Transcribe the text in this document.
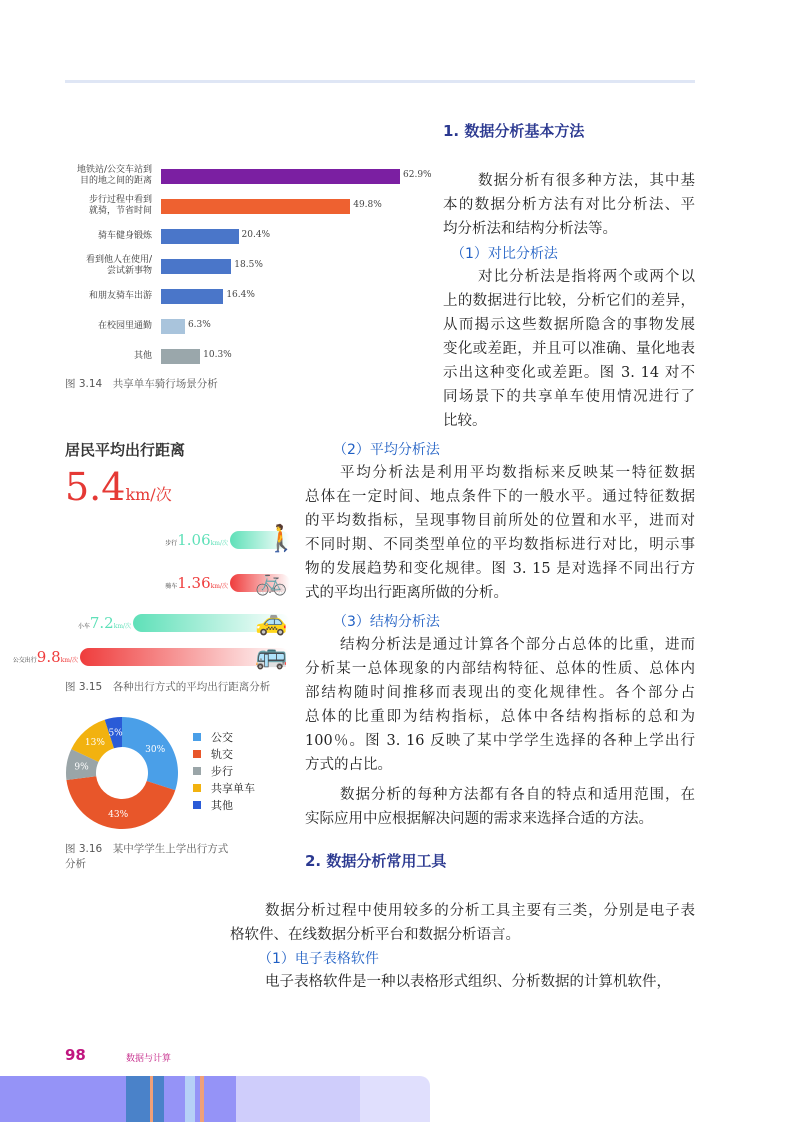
1. 数据分析基本方法
数据分析有很多种方法，其中基
本的数据分析方法有对比分析法、平
均分析法和结构分析法等。
（1）对比分析法
对比分析法是指将两个或两个以
上的数据进行比较，分析它们的差异，
从而揭示这些数据所隐含的事物发展
变化或差距，并且可以准确、量化地表
示出这种变化或差距。图 3. 14 对不
同场景下的共享单车使用情况进行了
比较。
（2）平均分析法
平均分析法是利用平均数指标来反映某一特征数据
总体在一定时间、地点条件下的一般水平。通过特征数据
的平均数指标，呈现事物目前所处的位置和水平，进而对
不同时期、不同类型单位的平均数指标进行对比，明示事
物的发展趋势和变化规律。图 3. 15 是对选择不同出行方
式的平均出行距离所做的分析。
（3）结构分析法
结构分析法是通过计算各个部分占总体的比重，进而
分析某一总体现象的内部结构特征、总体的性质、总体内
部结构随时间推移而表现出的变化规律性。各个部分占
总体的比重即为结构指标，总体中各结构指标的总和为
100％。图 3. 16 反映了某中学学生选择的各种上学出行
方式的占比。
数据分析的每种方法都有各自的特点和适用范围，在
实际应用中应根据解决问题的需求来选择合适的方法。
2. 数据分析常用工具
数据分析过程中使用较多的分析工具主要有三类，分别是电子表
格软件、在线数据分析平台和数据分析语言。
（1）电子表格软件
电子表格软件是一种以表格形式组织、分析数据的计算机软件，
地铁站/公交车站到
目的地之间的距离
62.9%
步行过程中看到
就骑，节省时间
49.8%
骑车健身锻炼	20.4%
看到他人在使用/
尝试新事物
18.5%
和朋友骑车出游	16.4%
在校园里通勤	6.3%
其他	10.3%
图 3.14　共享单车骑行场景分析
居民平均出行距离
5.4km/次
步行1.06km/次 🚶
骑车1.36km/次 🚲
小车7.2km/次	🚕
公交出行9.8km/次	🚌
图 3.15　各种出行方式的平均出行距离分析
30%
43%
9%
13%
5%	公交
轨交
步行
共享单车
其他
图 3.16　某中学学生上学出行方式
分析
98	数据与计算
